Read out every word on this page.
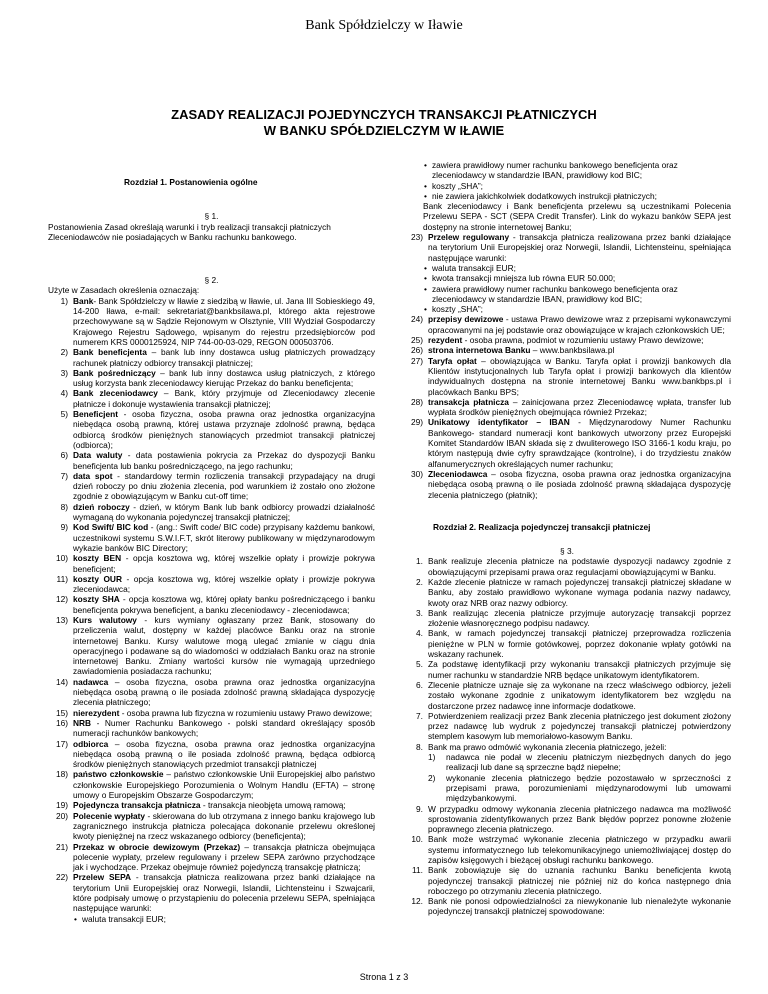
Bank Spółdzielczy w Iławie
ZASADY REALIZACJI POJEDYNCZYCH TRANSAKCJI PŁATNICZYCH
W BANKU SPÓŁDZIELCZYM W IŁAWIE
Rozdział 1. Postanowienia ogólne
§ 1.
Postanowienia Zasad określają warunki i tryb realizacji transakcji płatniczych Zleceniodawców nie posiadających w Banku rachunku bankowego.
§ 2.
Użyte w Zasadach określenia oznaczają:
1) Bank- Bank Spółdzielczy w Iławie z siedzibą w Iławie, ul. Jana III Sobieskiego 49, 14-200 Iława, e-mail: sekretariat@bankbsilawa.pl, którego akta rejestrowe przechowywane są w Sądzie Rejonowym w Olsztynie, VIII Wydział Gospodarczy Krajowego Rejestru Sądowego, wpisanym do rejestru przedsiębiorców pod numerem KRS 0000125924, NIP 744-00-03-029, REGON 000503706.
2) Bank beneficjenta – bank lub inny dostawca usług płatniczych prowadzący rachunek płatniczy odbiorcy transakcji płatniczej;
3) Bank pośredniczący – bank lub inny dostawca usług płatniczych, z którego usług korzysta bank zleceniodawcy kierując Przekaz do banku beneficjenta;
4) Bank zleceniodawcy – Bank, który przyjmuje od Zleceniodawcy zlecenie płatnicze i dokonuje wystawienia transakcji płatniczej;
5) Beneficjent - osoba fizyczna, osoba prawna oraz jednostka organizacyjna niebędąca osobą prawną, której ustawa przyznaje zdolność prawną, będąca odbiorcą środków pieniężnych stanowiących przedmiot transakcji płatniczej (odbiorca);
6) Data waluty - data postawienia pokrycia za Przekaz do dyspozycji Banku beneficjenta lub banku pośredniczącego, na jego rachunku;
7) data spot - standardowy termin rozliczenia transakcji przypadający na drugi dzień roboczy po dniu złożenia zlecenia, pod warunkiem iż zostało ono złożone zgodnie z obowiązującym w Banku cut-off time;
8) dzień roboczy - dzień, w którym Bank lub bank odbiorcy prowadzi działalność wymaganą do wykonania pojedynczej transakcji płatniczej;
9) Kod Swift/ BIC kod - (ang.: Swift code/ BIC code) przypisany każdemu bankowi, uczestnikowi systemu S.W.I.F.T, skrót literowy publikowany w międzynarodowym wykazie banków BIC Directory;
10) koszty BEN - opcja kosztowa wg, której wszelkie opłaty i prowizje pokrywa beneficjent;
11) koszty OUR - opcja kosztowa wg, której wszelkie opłaty i prowizje pokrywa zleceniodawca;
12) koszty SHA - opcja kosztowa wg, której opłaty banku pośredniczącego i banku beneficjenta pokrywa beneficjent, a banku zleceniodawcy - zleceniodawca;
13) Kurs walutowy - kurs wymiany ogłaszany przez Bank, stosowany do przeliczenia walut, dostępny w każdej placówce Banku oraz na stronie internetowej Banku. Kursy walutowe mogą ulegać zmianie w ciągu dnia operacyjnego i podawane są do wiadomości w oddziałach Banku oraz na stronie internetowej Banku. Zmiany wartości kursów nie wymagają uprzedniego zawiadomienia posiadacza rachunku;
14) nadawca – osoba fizyczna, osoba prawna oraz jednostka organizacyjna niebędąca osobą prawną o ile posiada zdolność prawną składająca dyspozycję zlecenia płatniczego;
15) nierezydent - osoba prawna lub fizyczna w rozumieniu ustawy Prawo dewizowe;
16) NRB - Numer Rachunku Bankowego - polski standard określający sposób numeracji rachunków bankowych;
17) odbiorca – osoba fizyczna, osoba prawna oraz jednostka organizacyjna niebędąca osobą prawną o ile posiada zdolność prawną, będąca odbiorcą środków pieniężnych stanowiących przedmiot transakcji płatniczej
18) państwo członkowskie – państwo członkowskie Unii Europejskiej albo państwo członkowskie Europejskiego Porozumienia o Wolnym Handlu (EFTA) – stronę umowy o Europejskim Obszarze Gospodarczym;
19) Pojedyncza transakcja płatnicza - transakcja nieobjęta umową ramową;
20) Polecenie wypłaty - skierowana do lub otrzymana z innego banku krajowego lub zagranicznego instrukcja płatnicza polecająca dokonanie przelewu określonej kwoty pieniężnej na rzecz wskazanego odbiorcy (beneficjenta);
21) Przekaz w obrocie dewizowym (Przekaz) – transakcja płatnicza obejmująca polecenie wypłaty, przelew regulowany i przelew SEPA zarówno przychodzące jak i wychodzące. Przekaz obejmuje również pojedynczą transakcję płatniczą;
22) Przelew SEPA - transakcja płatnicza realizowana przez banki działające na terytorium Unii Europejskiej oraz Norwegii, Islandii, Lichtensteinu i Szwajcarii, które podpisały umowę o przystąpieniu do polecenia przelewu SEPA, spełniająca następujące warunki:
• waluta transakcji EUR;
• zawiera prawidłowy numer rachunku bankowego beneficjenta oraz zleceniodawcy w standardzie IBAN, prawidłowy kod BIC;
• koszty „SHA”;
• nie zawiera jakichkolwiek dodatkowych instrukcji płatniczych;
Bank zleceniodawcy i Bank beneficjenta przelewu są uczestnikami Polecenia Przelewu SEPA - SCT (SEPA Credit Transfer). Link do wykazu banków SEPA jest dostępny na stronie internetowej Banku;
23) Przelew regulowany - transakcja płatnicza realizowana przez banki działające na terytorium Unii Europejskiej oraz Norwegii, Islandii, Lichtensteinu, spełniająca następujące warunki:
• waluta transakcji EUR;
• kwota transakcji mniejsza lub równa EUR 50.000;
• zawiera prawidłowy numer rachunku bankowego beneficjenta oraz zleceniodawcy w standardzie IBAN, prawidłowy kod BIC;
• koszty „SHA”;
24) przepisy dewizowe - ustawa Prawo dewizowe wraz z przepisami wykonawczymi opracowanymi na jej podstawie oraz obowiązujące w krajach członkowskich UE;
25) rezydent - osoba prawna, podmiot w rozumieniu ustawy Prawo dewizowe;
26) strona internetowa Banku – www.bankbsilawa.pl
27) Taryfa opłat – obowiązująca w Banku. Taryfa opłat i prowizji bankowych dla Klientów instytucjonalnych lub Taryfa opłat i prowizji bankowych dla klientów indywidualnych dostępna na stronie internetowej Banku www.bankbps.pl i placówkach Banku BPS;
28) transakcja płatnicza – zainicjowana przez Zleceniodawcę wpłata, transfer lub wypłata środków pieniężnych obejmująca również Przekaz;
29) Unikatowy identyfikator – IBAN - Międzynarodowy Numer Rachunku Bankowego- standard numeracji kont bankowych utworzony przez Europejski Komitet Standardów IBAN składa się z dwuliterowego ISO 3166-1 kodu kraju, po którym następują dwie cyfry sprawdzające (kontrolne), i do trzydziestu znaków alfanumerycznych określających numer rachunku;
30) Zleceniodawca – osoba fizyczna, osoba prawna oraz jednostka organizacyjna niebędąca osobą prawną o ile posiada zdolność prawną składająca dyspozycję zlecenia płatniczego (płatnik);
Rozdział 2. Realizacja pojedynczej transakcji płatniczej
§ 3.
1. Bank realizuje zlecenia płatnicze na podstawie dyspozycji nadawcy zgodnie z obowiązującymi przepisami prawa oraz regulacjami obowiązującymi w Banku.
2. Każde zlecenie płatnicze w ramach pojedynczej transakcji płatniczej składane w Banku, aby zostało prawidłowo wykonane wymaga podania nazwy nadawcy, kwoty oraz NRB oraz nazwy odbiorcy.
3. Bank realizując zlecenia płatnicze przyjmuje autoryzację transakcji poprzez złożenie własnoręcznego podpisu nadawcy.
4. Bank, w ramach pojedynczej transakcji płatniczej przeprowadza rozliczenia pieniężne w PLN w formie gotówkowej, poprzez dokonanie wpłaty gotówki na wskazany rachunek.
5. Za podstawę identyfikacji przy wykonaniu transakcji płatniczych przyjmuje się numer rachunku w standardzie NRB będące unikatowym identyfikatorem.
6. Zlecenie płatnicze uznaje się za wykonane na rzecz właściwego odbiorcy, jeżeli zostało wykonane zgodnie z unikatowym identyfikatorem bez względu na dostarczone przez nadawcę inne informacje dodatkowe.
7. Potwierdzeniem realizacji przez Bank zlecenia płatniczego jest dokument złożony przez nadawcę lub wydruk z pojedynczej transakcji płatniczej potwierdzony stemplem kasowym lub memoriałowo-kasowym Banku.
8. Bank ma prawo odmówić wykonania zlecenia płatniczego, jeżeli:
1) nadawca nie podał w zleceniu płatniczym niezbędnych danych do jego realizacji lub dane są sprzeczne bądź niepełne;
2) wykonanie zlecenia płatniczego będzie pozostawało w sprzeczności z przepisami prawa, porozumieniami międzynarodowymi lub umowami międzybankowymi.
9. W przypadku odmowy wykonania zlecenia płatniczego nadawca ma możliwość sprostowania zidentyfikowanych przez Bank błędów poprzez ponowne złożenie poprawnego zlecenia płatniczego.
10. Bank może wstrzymać wykonanie zlecenia płatniczego w przypadku awarii systemu informatycznego lub telekomunikacyjnego uniemożliwiającej dostęp do zapisów księgowych i bieżącej obsługi rachunku bankowego.
11. Bank zobowiązuje się do uznania rachunku Banku beneficjenta kwotą pojedynczej transakcji płatniczej nie później niż do końca następnego dnia roboczego po otrzymaniu zlecenia płatniczego.
12. Bank nie ponosi odpowiedzialności za niewykonanie lub nienależyte wykonanie pojedynczej transakcji płatniczej spowodowane:
Strona 1 z 3
